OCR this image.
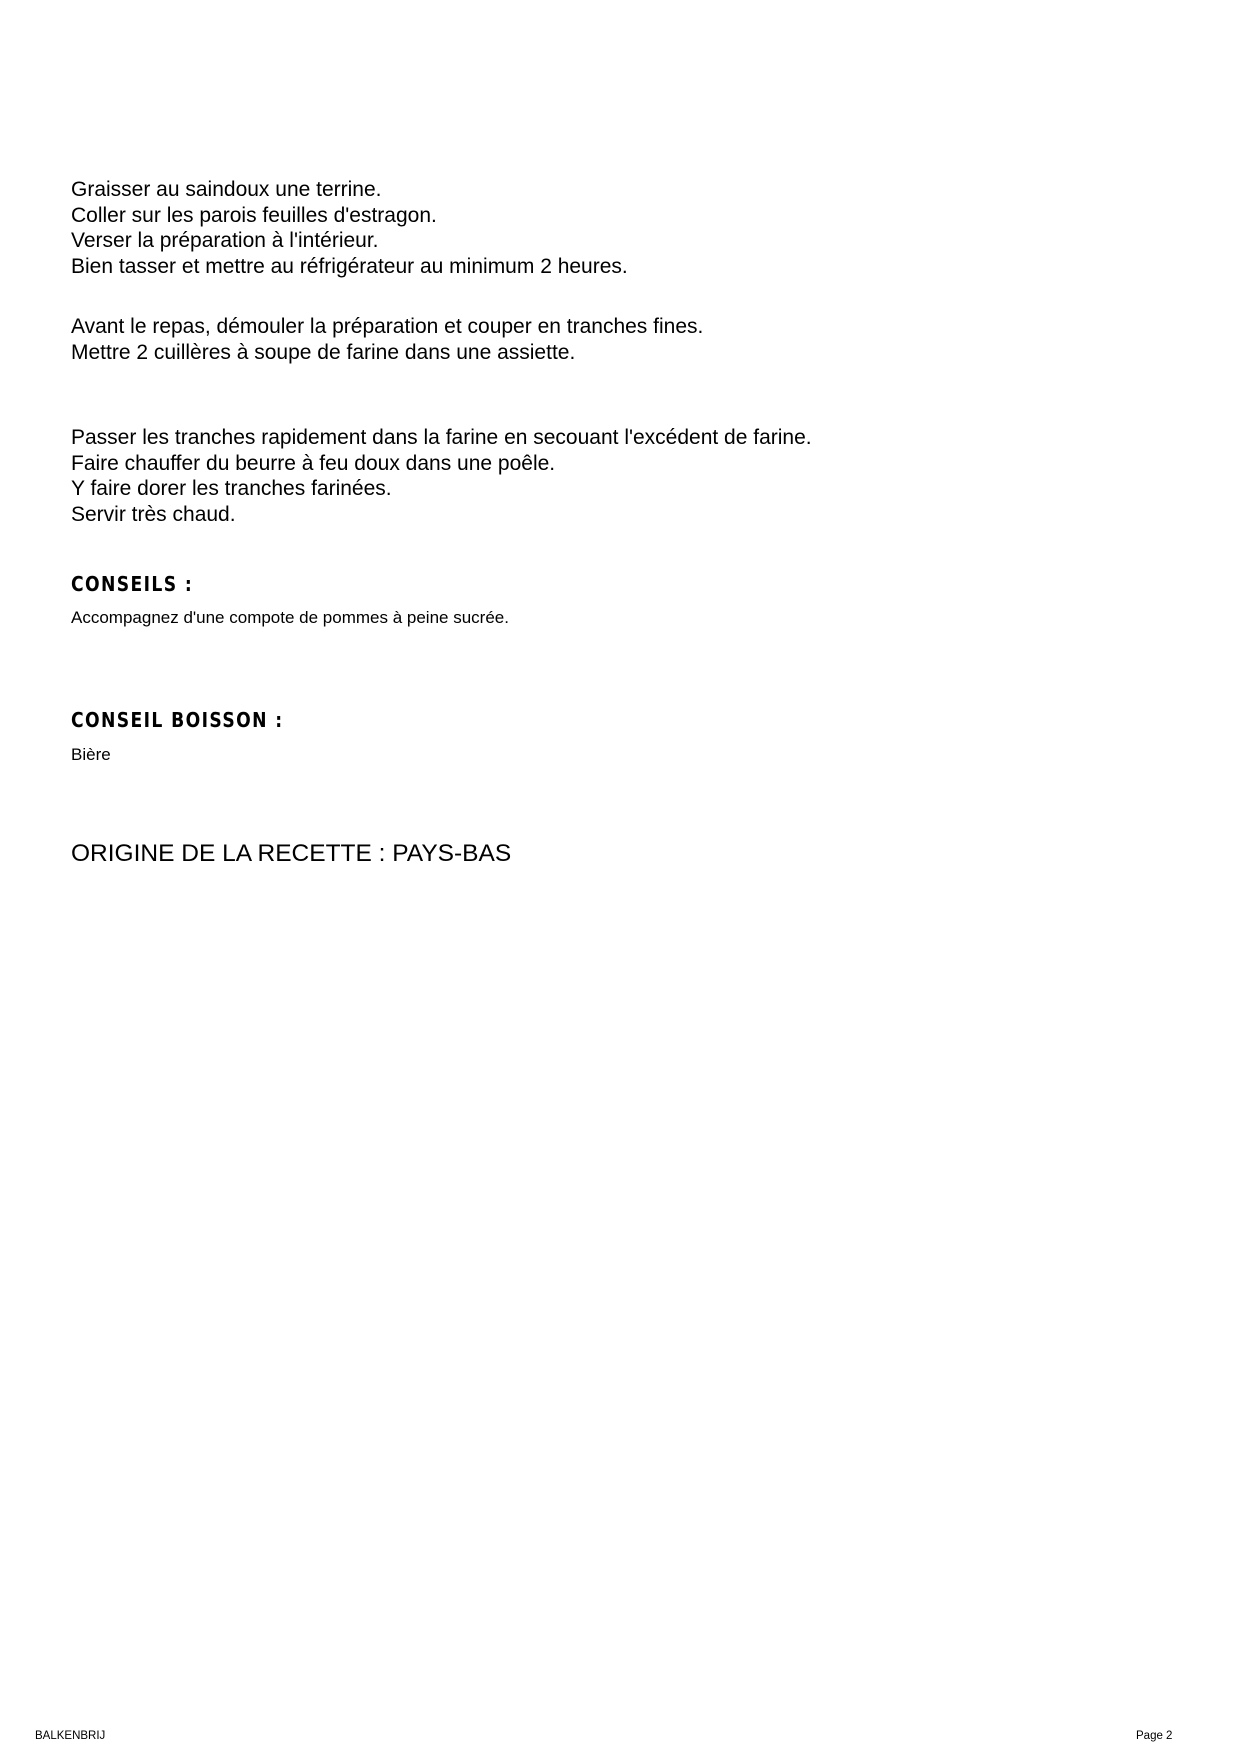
Graisser au saindoux une terrine.

Coller sur les parois feuilles d'estragon.

Verser la préparation à l'intérieur.

Bien tasser et mettre au réfrigérateur au minimum 2 heures.

Avant le repas, démouler la préparation et couper en tranches fines.

Mettre 2 cuillères à soupe de farine dans une assiette.

Passer les tranches rapidement dans la farine en secouant l'excédent de farine.

Faire chauffer du beurre à feu doux dans une poêle.

Y faire dorer les tranches farinées.

Servir très chaud.

CONSEILS :

Accompagnez d'une compote de pommes à peine sucrée.

CONSEIL BOISSON :

Bière

ORIGINE DE LA RECETTE : PAYS-BAS

BALKENBRIJ	Page 2
